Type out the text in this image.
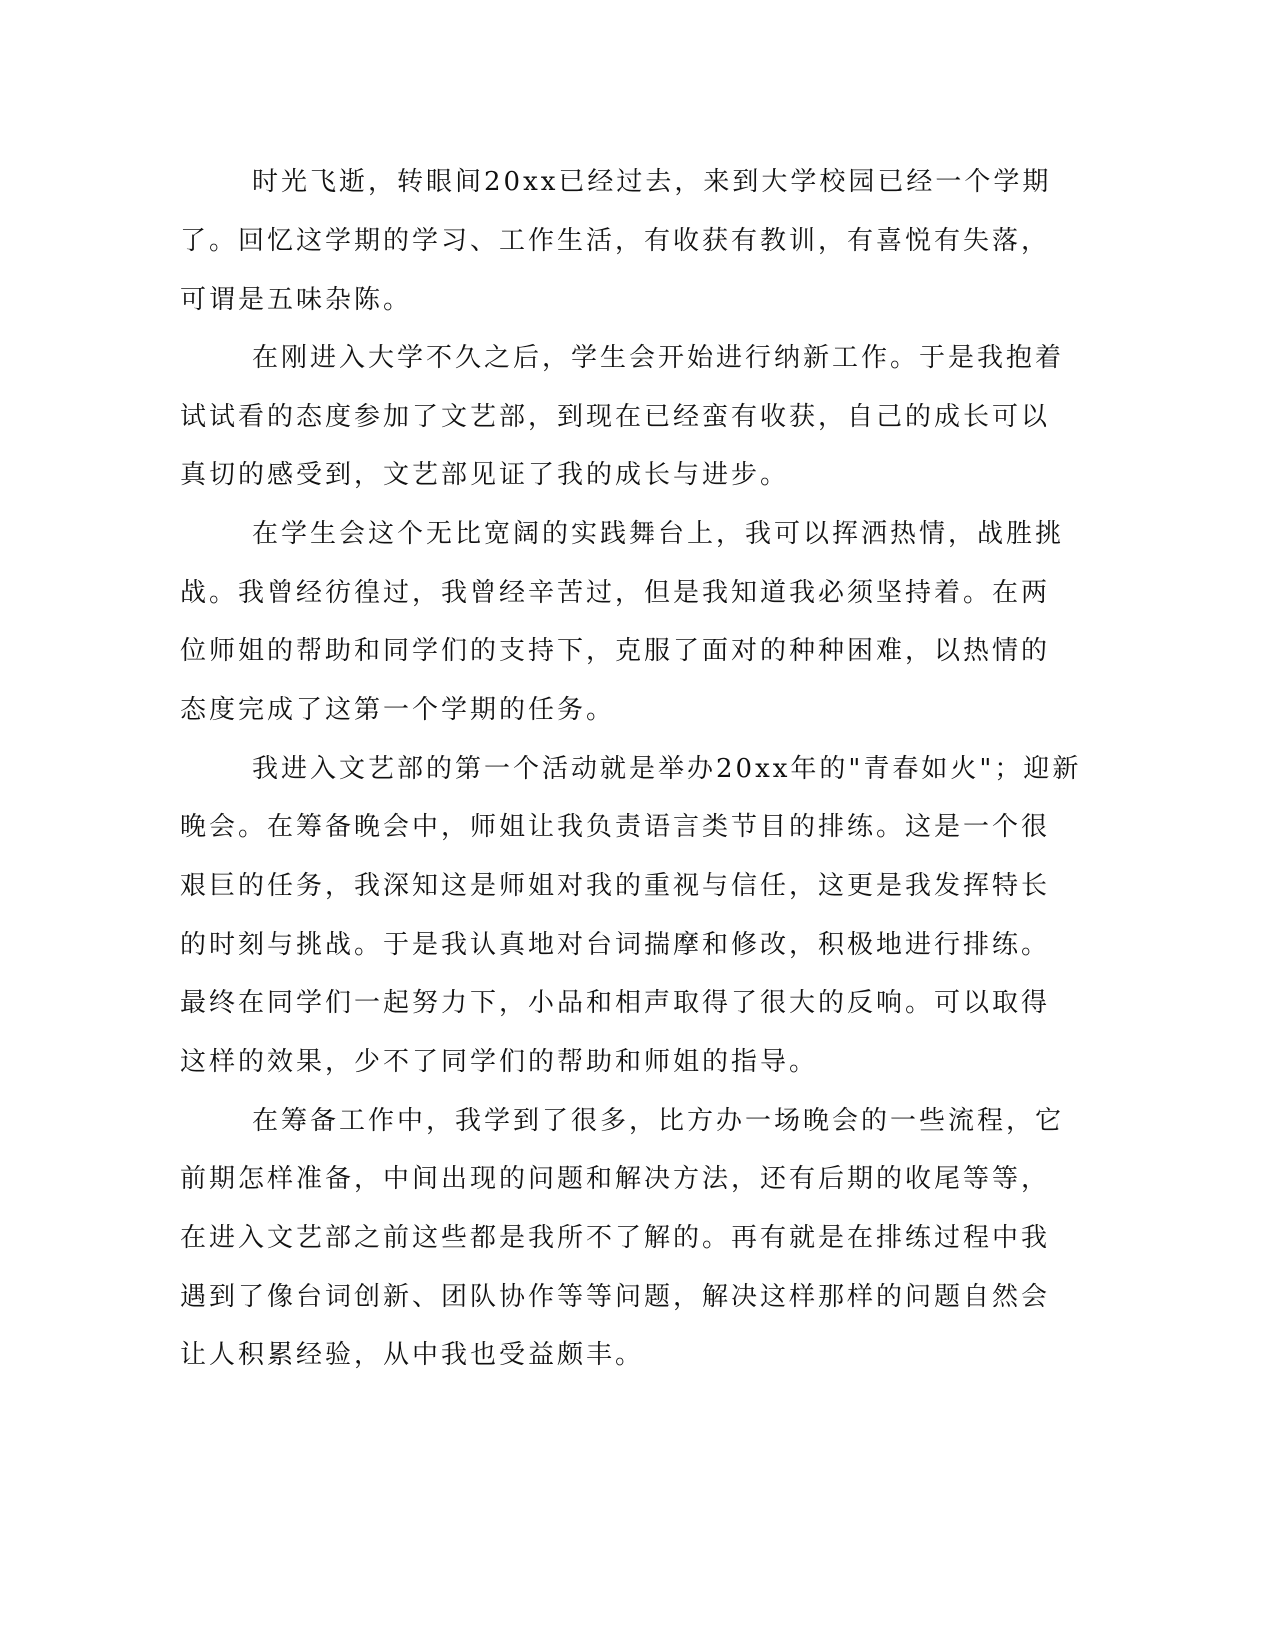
时光飞逝，转眼间20xx已经过去，来到大学校园已经一个学期
了。回忆这学期的学习、工作生活，有收获有教训，有喜悦有失落，
可谓是五味杂陈。
在刚进入大学不久之后，学生会开始进行纳新工作。于是我抱着
试试看的态度参加了文艺部，到现在已经蛮有收获，自己的成长可以
真切的感受到，文艺部见证了我的成长与进步。
在学生会这个无比宽阔的实践舞台上，我可以挥洒热情，战胜挑
战。我曾经彷徨过，我曾经辛苦过，但是我知道我必须坚持着。在两
位师姐的帮助和同学们的支持下，克服了面对的种种困难，以热情的
态度完成了这第一个学期的任务。
我进入文艺部的第一个活动就是举办20xx年的"青春如火"；迎新
晚会。在筹备晚会中，师姐让我负责语言类节目的排练。这是一个很
艰巨的任务，我深知这是师姐对我的重视与信任，这更是我发挥特长
的时刻与挑战。于是我认真地对台词揣摩和修改，积极地进行排练。
最终在同学们一起努力下，小品和相声取得了很大的反响。可以取得
这样的效果，少不了同学们的帮助和师姐的指导。
在筹备工作中，我学到了很多，比方办一场晚会的一些流程，它
前期怎样准备，中间出现的问题和解决方法，还有后期的收尾等等，
在进入文艺部之前这些都是我所不了解的。再有就是在排练过程中我
遇到了像台词创新、团队协作等等问题，解决这样那样的问题自然会
让人积累经验，从中我也受益颇丰。
